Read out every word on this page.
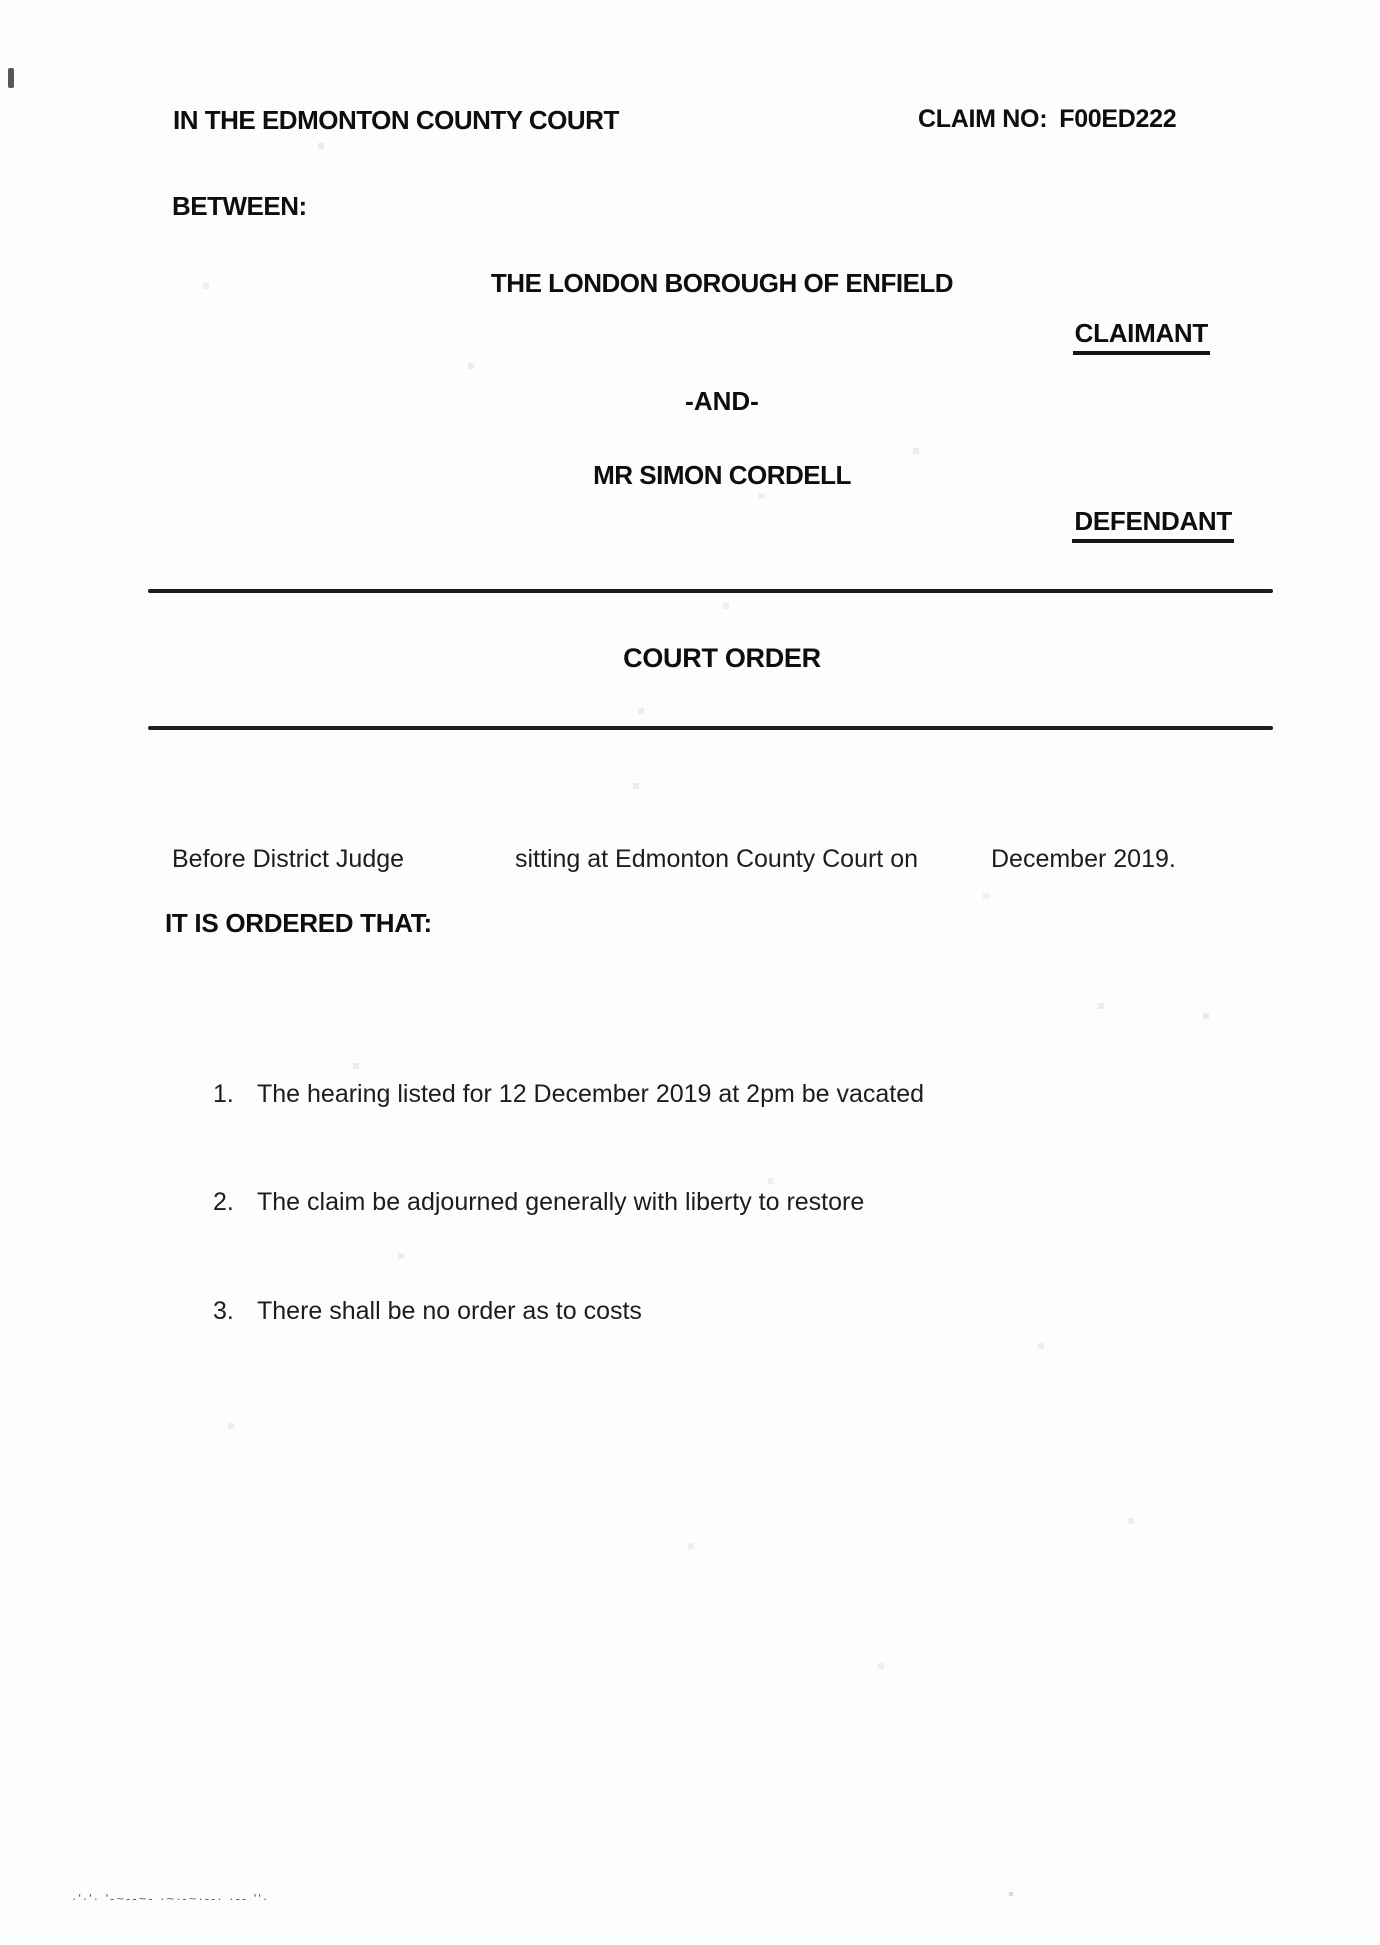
IN THE EDMONTON COUNTY COURT	CLAIM NO: F00ED222
BETWEEN:
THE LONDON BOROUGH OF ENFIELD
CLAIMANT
-AND-
MR SIMON CORDELL
DEFENDANT
COURT ORDER
Before District Judge	sitting at Edmonton County Court on	December 2019.
IT IS ORDERED THAT:
1. The hearing listed for 12 December 2019 at 2pm be vacated
2. The claim be adjourned generally with liberty to restore
3. There shall be no order as to costs
·'·'· '-~--~- ·~·-~·--· ·-- ''·
